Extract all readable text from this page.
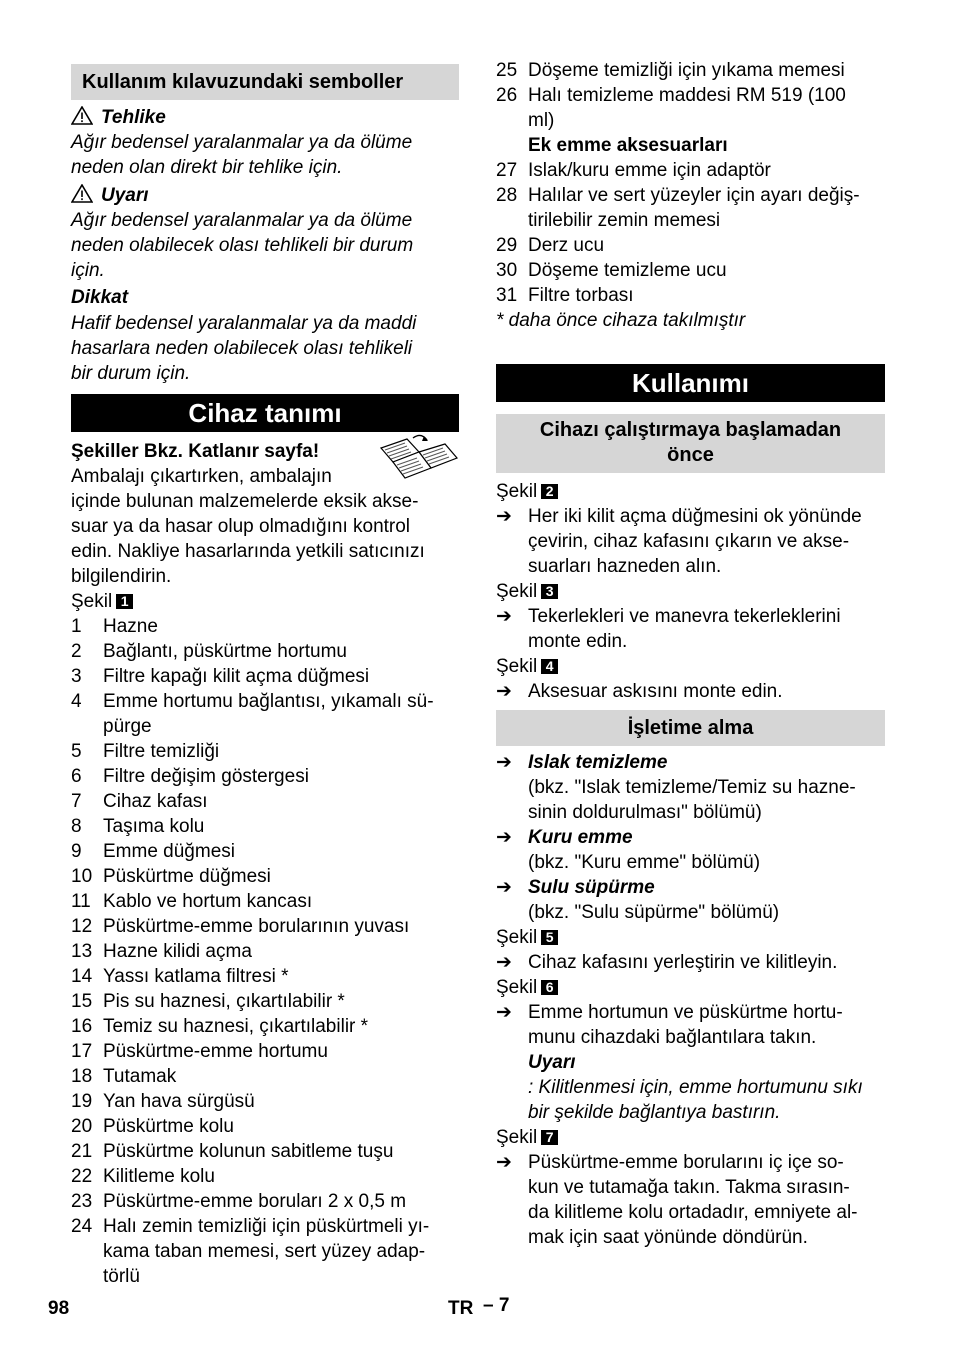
Kullanım kılavuzundaki semboller
Tehlike
Ağır bedensel yaralanmalar ya da ölüme
neden olan direkt bir tehlike için.
Uyarı
Ağır bedensel yaralanmalar ya da ölüme
neden olabilecek olası tehlikeli bir durum
için.
Dikkat
Hafif bedensel yaralanmalar ya da maddi
hasarlara neden olabilecek olası tehlikeli
bir durum için.
Cihaz tanımı
Şekiller Bkz. Katlanır sayfa!
Ambalajı çıkartırken, ambalajın
içinde bulunan malzemelerde eksik akse-
suar ya da hasar olup olmadığını kontrol
edin. Nakliye hasarlarında yetkili satıcınızı
bilgilendirin.
Şekil 1
1	Hazne
2	Bağlantı, püskürtme hortumu
3	Filtre kapağı kilit açma düğmesi
4	Emme hortumu bağlantısı, yıkamalı sü-
pürge
5	Filtre temizliği
6	Filtre değişim göstergesi
7	Cihaz kafası
8	Taşıma kolu
9	Emme düğmesi
10 Püskürtme düğmesi
11 Kablo ve hortum kancası
12 Püskürtme-emme borularının yuvası
13 Hazne kilidi açma
14 Yassı katlama filtresi *
15 Pis su haznesi, çıkartılabilir *
16 Temiz su haznesi, çıkartılabilir *
17 Püskürtme-emme hortumu
18 Tutamak
19 Yan hava sürgüsü
20 Püskürtme kolu
21 Püskürtme kolunun sabitleme tuşu
22 Kilitleme kolu
23 Püskürtme-emme boruları 2 x 0,5 m
24 Halı zemin temizliği için püskürtmeli yı-
kama taban memesi, sert yüzey adap-
törlü
25 Döşeme temizliği için yıkama memesi
26 Halı temizleme maddesi RM 519 (100
ml)
Ek emme aksesuarları
27 Islak/kuru emme için adaptör
28 Halılar ve sert yüzeyler için ayarı değiş-
tirilebilir zemin memesi
29 Derz ucu
30 Döşeme temizleme ucu
31 Filtre torbası
* daha önce cihaza takılmıştır
Kullanımı
Cihazı çalıştırmaya başlamadan
önce
Şekil 2
➔ Her iki kilit açma düğmesini ok yönünde
çevirin, cihaz kafasını çıkarın ve akse-
suarları hazneden alın.
Şekil 3
➔ Tekerlekleri ve manevra tekerleklerini
monte edin.
Şekil 4
➔ Aksesuar askısını monte edin.
İşletime alma
➔ Islak temizleme
(bkz. "Islak temizleme/Temiz su hazne-
sinin doldurulması" bölümü)
➔ Kuru emme
(bkz. "Kuru emme" bölümü)
➔ Sulu süpürme
(bkz. "Sulu süpürme" bölümü)
Şekil 5
➔ Cihaz kafasını yerleştirin ve kilitleyin.
Şekil 6
➔ Emme hortumun ve püskürtme hortu-
munu cihazdaki bağlantılara takın.
Uyarı
: Kilitlenmesi için, emme hortumunu sıkı
bir şekilde bağlantıya bastırın.
Şekil 7
➔ Püskürtme-emme borularını iç içe so-
kun ve tutamağa takın. Takma sırasın-
da kilitleme kolu ortadadır, emniyete al-
mak için saat yönünde döndürün.
98	TR – 7
